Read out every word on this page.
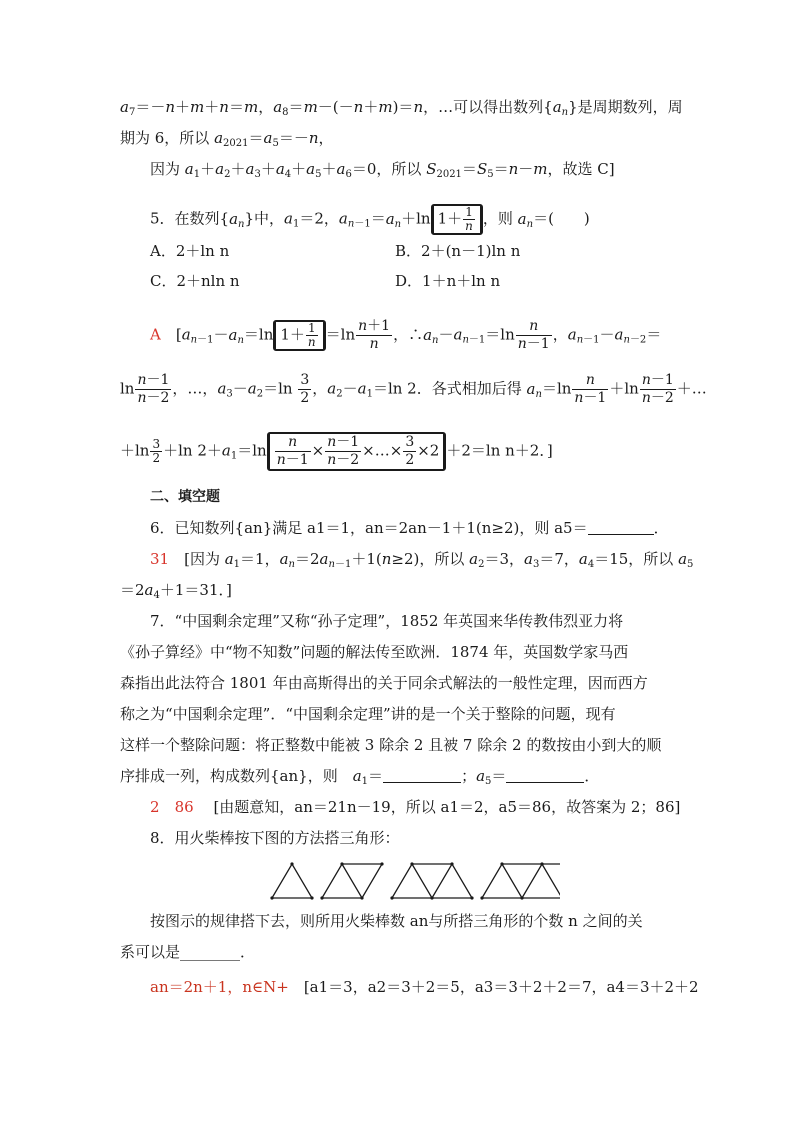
$a_7=-n+m+n=m$，$a_8=m-(-n+m)=n$，…可以得出数列$\{a_n\}$是周期数列，周
期为 6，所以 $a_{2021}=a_5=-n$，
因为 $a_1+a_2+a_3+a_4+a_5+a_6=0$，所以 $S_{2021}=S_5=n-m$，故选 C]
5．在数列$\{a_n\}$中，$a_1=2$，$a_{n-1}=a_n+\ln$ $1+ \frac{1}{n}$ ，则 $a_n=$(　　)
A．2＋ln n	B．2＋(n－1)ln n
C．2＋nln n	D．1＋n＋ln n
A　[$a_{n-1}-a_n=\ln$ $1+ \frac{1}{n} =\ln \frac{n+1}{n}$ ，$\therefore a_n-a_{n-1}=\ln \frac{n}{n-1}$ ，$a_{n-1}-a_{n-2}=$
$\ln \frac{n-1}{n-2}$ ，…，$a_3-a_2=\ln \frac{3}{2}$ ，$a_2-a_1=\ln$ 2．各式相加后得 $a_n=\ln \frac{n}{n-1} +\ln \frac{n-1}{n-2}$ ＋…
$+\ln \frac{3}{2} +\ln$ $2+a_1=\ln \frac{n}{n-1} \times \frac{n-1}{n-2}$ ×…× $\frac{3}{2} \times 2 +2=\ln$ n＋2．]
二、填空题
6．已知数列{an}满足 a1＝1，an＝2an－1＋1(n≥2)，则 a5＝	．
31　[因为 $a_1=1$，$a_n=2a_{n-1}+1(n\ge 2)$，所以 $a_2=3$，$a_3=7$，$a_4=15$，所以 $a_5$
$=2a_4+1=31$．]
7．“中国剩余定理”又称“孙子定理”，1852 年英国来华传教伟烈亚力将
《孙子算经》中“物不知数”问题的解法传至欧洲．1874 年，英国数学家马西
森指出此法符合 1801 年由高斯得出的关于同余式解法的一般性定理，因而西方
称之为“中国剩余定理”．“中国剩余定理”讲的是一个关于整除的问题，现有
这样一个整除问题：将正整数中能被 3 除余 2 且被 7 除余 2 的数按由小到大的顺
序排成一列，构成数列{an}，则　 $a_1=$	；$a_5=$	．
2　 86　 [由题意知，an＝21n－19，所以 a1＝2，a5＝86，故答案为 2；86]
8．用火柴棒按下图的方法搭三角形：
按图示的规律搭下去，则所用火柴棒数 an与所搭三角形的个数 n 之间的关
系可以是________．
an＝2n＋1，n∈N+　 [a1＝3，a2＝3＋2＝5，a3＝3＋2＋2＝7，a4＝3＋2＋2
